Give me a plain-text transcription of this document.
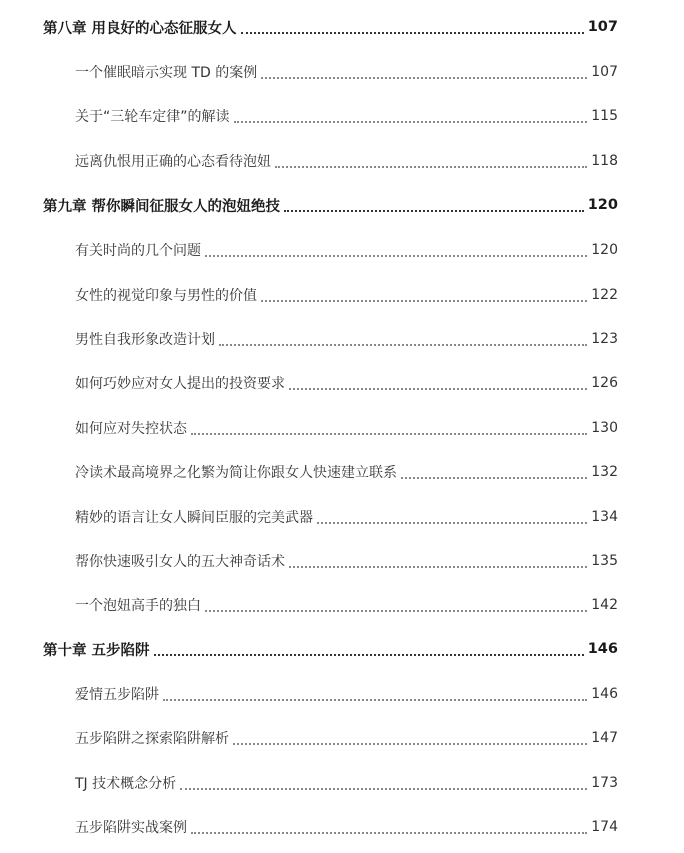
第八章 用良好的心态征服女人	107
一个催眠暗示实现 TD 的案例	107
关于“三轮车定律”的解读	115
远离仇恨用正确的心态看待泡妞	118
第九章 帮你瞬间征服女人的泡妞绝技	120
有关时尚的几个问题	120
女性的视觉印象与男性的价值	122
男性自我形象改造计划	123
如何巧妙应对女人提出的投资要求	126
如何应对失控状态	130
冷读术最高境界之化繁为简让你跟女人快速建立联系	132
精妙的语言让女人瞬间臣服的完美武器	134
帮你快速吸引女人的五大神奇话术	135
一个泡妞高手的独白	142
第十章 五步陷阱	146
爱情五步陷阱	146
五步陷阱之探索陷阱解析	147
TJ 技术概念分析	173
五步陷阱实战案例	174
